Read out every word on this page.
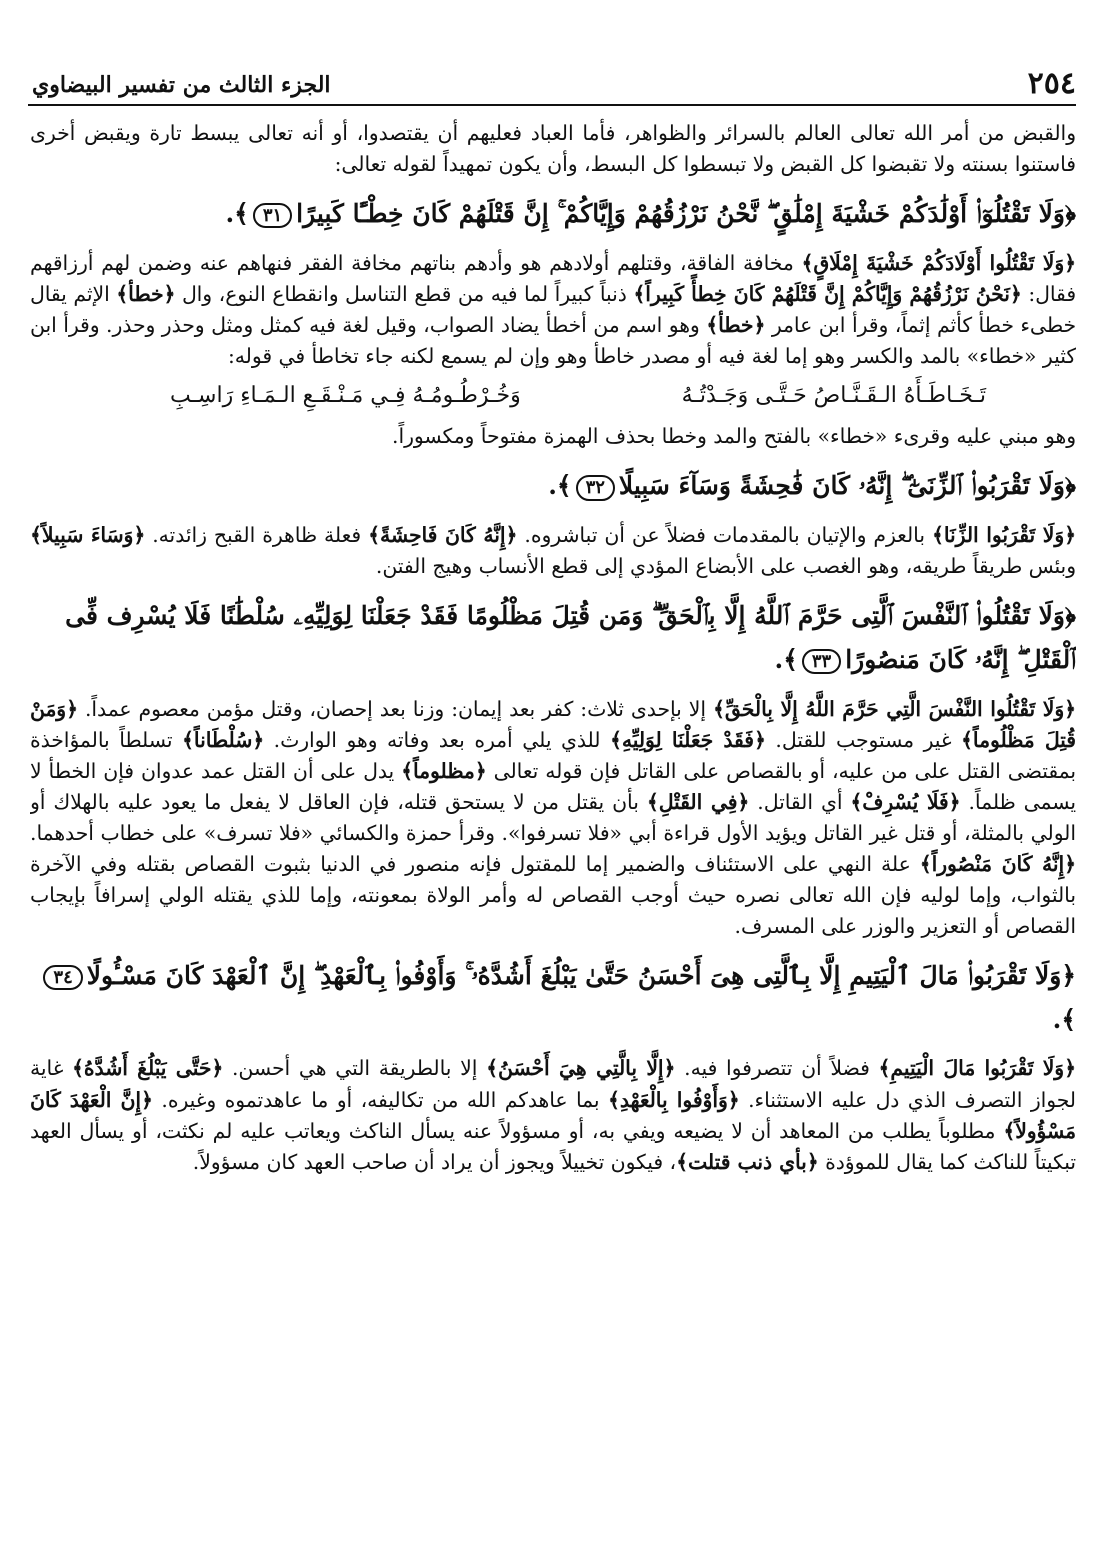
٢٥٤
الجزء الثالث من تفسير البيضاوي

والقبض من أمر الله تعالى العالم بالسرائر والظواهر، فأما العباد فعليهم أن يقتصدوا، أو أنه تعالى يبسط تارة ويقبض أخرى فاستنوا بسنته ولا تقبضوا كل القبض ولا تبسطوا كل البسط، وأن يكون تمهيداً لقوله تعالى:

﴿وَلَا تَقْتُلُوٓا۟ أَوْلَٰدَكُمْ خَشْيَةَ إِمْلَٰقٍ ۖ نَّحْنُ نَرْزُقُهُمْ وَإِيَّاكُمْ ۚ إِنَّ قَتْلَهُمْ كَانَ خِطْـًٔا كَبِيرًا٣١﴾.

﴿وَلَا تَقْتُلُوا أَوْلَادَكُمْ خَشْيَةَ إِمْلَاقٍ﴾ مخافة الفاقة، وقتلهم أولادهم هو وأدهم بناتهم مخافة الفقر فنهاهم عنه وضمن لهم أرزاقهم فقال: ﴿نَحْنُ نَرْزُقُهُمْ وَإِيَّاكُمْ إِنَّ قَتْلَهُمْ كَانَ خِطأً كَبِيراً﴾ ذنباً كبيراً لما فيه من قطع التناسل وانقطاع النوع، وال ﴿خطأ﴾ الإثم يقال خطىء خطأ كأثم إثماً، وقرأ ابن عامر ﴿خطأ﴾ وهو اسم من أخطأ يضاد الصواب، وقيل لغة فيه كمثل ومثل وحذر وحذر. وقرأ ابن كثير «خطاء» بالمد والكسر وهو إما لغة فيه أو مصدر خاطأ وهو وإن لم يسمع لكنه جاء تخاطأ في قوله:

تَـخَـاطَـأَهُ الـقَـنَّـاصُ حَـتَّـى وَجَـدْتُـهُ
وَخُـرْطُـومُـهُ فِـي مَـنْـقَـعِ الـمَـاءِ رَاسِـبِ

وهو مبني عليه وقرىء «خطاء» بالفتح والمد وخطا بحذف الهمزة مفتوحاً ومكسوراً.

﴿وَلَا تَقْرَبُوا۟ ٱلزِّنَىٰٓ ۖ إِنَّهُۥ كَانَ فَٰحِشَةً وَسَآءَ سَبِيلًا٣٢﴾.

﴿وَلَا تَقْرَبُوا الزِّنَا﴾ بالعزم والإتيان بالمقدمات فضلاً عن أن تباشروه. ﴿إِنَّهُ كَانَ فَاحِشَةً﴾ فعلة ظاهرة القبح زائدته. ﴿وَسَاءَ سَبِيلاً﴾ وبئس طريقاً طريقه، وهو الغصب على الأبضاع المؤدي إلى قطع الأنساب وهيج الفتن.

﴿وَلَا تَقْتُلُوا۟ ٱلنَّفْسَ ٱلَّتِى حَرَّمَ ٱللَّهُ إِلَّا بِٱلْحَقِّ ۗ وَمَن قُتِلَ مَظْلُومًا فَقَدْ جَعَلْنَا لِوَلِيِّهِۦ سُلْطَٰنًا فَلَا يُسْرِف فِّى ٱلْقَتْلِ ۖ إِنَّهُۥ كَانَ مَنصُورًا٣٣﴾.

﴿وَلَا تَقْتُلُوا النَّفْسَ الَّتِي حَرَّمَ اللَّهُ إِلَّا بِالْحَقِّ﴾ إلا بإحدى ثلاث: كفر بعد إيمان: وزنا بعد إحصان، وقتل مؤمن معصوم عمداً. ﴿وَمَنْ قُتِلَ مَظْلُوماً﴾ غير مستوجب للقتل. ﴿فَقَدْ جَعَلْنَا لِوَلِيِّهِ﴾ للذي يلي أمره بعد وفاته وهو الوارث. ﴿سُلْطَاناً﴾ تسلطاً بالمؤاخذة بمقتضى القتل على من عليه، أو بالقصاص على القاتل فإن قوله تعالى ﴿مظلوماً﴾ يدل على أن القتل عمد عدوان فإن الخطأ لا يسمى ظلماً. ﴿فَلَا يُسْرِفْ﴾ أي القاتل. ﴿فِي القَتْلِ﴾ بأن يقتل من لا يستحق قتله، فإن العاقل لا يفعل ما يعود عليه بالهلاك أو الولي بالمثلة، أو قتل غير القاتل ويؤيد الأول قراءة أبي «فلا تسرفوا». وقرأ حمزة والكسائي «فلا تسرف» على خطاب أحدهما. ﴿إِنَّهُ كَانَ مَنْصُوراً﴾ علة النهي على الاستئناف والضمير إما للمقتول فإنه منصور في الدنيا بثبوت القصاص بقتله وفي الآخرة بالثواب، وإما لوليه فإن الله تعالى نصره حيث أوجب القصاص له وأمر الولاة بمعونته، وإما للذي يقتله الولي إسرافاً بإيجاب القصاص أو التعزير والوزر على المسرف.

﴿وَلَا تَقْرَبُوا۟ مَالَ ٱلْيَتِيمِ إِلَّا بِٱلَّتِى هِىَ أَحْسَنُ حَتَّىٰ يَبْلُغَ أَشُدَّهُۥ ۚ وَأَوْفُوا۟ بِٱلْعَهْدِ ۖ إِنَّ ٱلْعَهْدَ كَانَ مَسْـُٔولًا٣٤﴾.

﴿وَلَا تَقْرَبُوا مَالَ الْيَتِيمِ﴾ فضلاً أن تتصرفوا فيه. ﴿إِلَّا بِالَّتِي هِيَ أَحْسَنُ﴾ إلا بالطريقة التي هي أحسن. ﴿حَتَّى يَبْلُغَ أَشُدَّهُ﴾ غاية لجواز التصرف الذي دل عليه الاستثناء. ﴿وَأَوْفُوا بِالْعَهْدِ﴾ بما عاهدكم الله من تكاليفه، أو ما عاهدتموه وغيره. ﴿إِنَّ الْعَهْدَ كَانَ مَسْؤُولاً﴾ مطلوباً يطلب من المعاهد أن لا يضيعه ويفي به، أو مسؤولاً عنه يسأل الناكث ويعاتب عليه لم نكثت، أو يسأل العهد تبكيتاً للناكث كما يقال للموؤدة ﴿بأي ذنب قتلت﴾، فيكون تخييلاً ويجوز أن يراد أن صاحب العهد كان مسؤولاً.
